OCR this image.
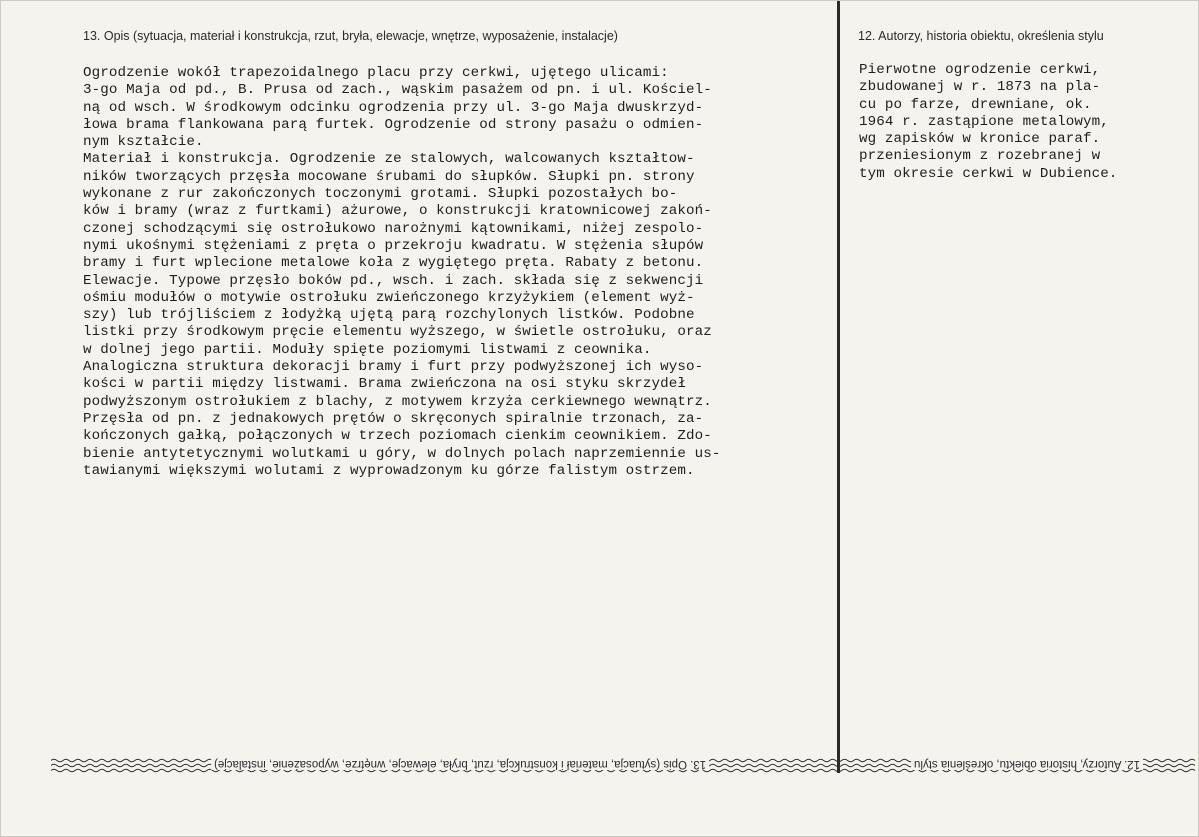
13. Opis (sytuacja, materiał i konstrukcja, rzut, bryła, elewacje, wnętrze, wyposażenie, instalacje)	12. Autorzy, historia obiektu, określenia stylu
Ogrodzenie wokół trapezoidalnego placu przy cerkwi, ujętego ulicami:
3-go Maja od pd., B. Prusa od zach., wąskim pasażem od pn. i ul. Kościel-
ną od wsch. W środkowym odcinku ogrodzenia przy ul. 3-go Maja dwuskrzyd-
łowa brama flankowana parą furtek. Ogrodzenie od strony pasażu o odmien-
nym kształcie.
Materiał i konstrukcja. Ogrodzenie ze stalowych, walcowanych kształtow-
ników tworzących przęsła mocowane śrubami do słupków. Słupki pn. strony
wykonane z rur zakończonych toczonymi grotami. Słupki pozostałych bo-
ków i bramy (wraz z furtkami) ażurowe, o konstrukcji kratownicowej zakoń-
czonej schodzącymi się ostrołukowo narożnymi kątownikami, niżej zespolo-
nymi ukośnymi stężeniami z pręta o przekroju kwadratu. W stężenia słupów
bramy i furt wplecione metalowe koła z wygiętego pręta. Rabaty z betonu.
Elewacje. Typowe przęsło boków pd., wsch. i zach. składa się z sekwencji
ośmiu modułów o motywie ostrołuku zwieńczonego krzyżykiem (element wyż-
szy) lub trójliściem z łodyżką ujętą parą rozchylonych listków. Podobne
listki przy środkowym pręcie elementu wyższego, w świetle ostrołuku, oraz
w dolnej jego partii. Moduły spięte poziomymi listwami z ceownika.
Analogiczna struktura dekoracji bramy i furt przy podwyższonej ich wyso-
kości w partii między listwami. Brama zwieńczona na osi styku skrzydeł
podwyższonym ostrołukiem z blachy, z motywem krzyża cerkiewnego wewnątrz.
Przęsła od pn. z jednakowych prętów o skręconych spiralnie trzonach, za-
kończonych gałką, połączonych w trzech poziomach cienkim ceownikiem. Zdo-
bienie antytetycznymi wolutkami u góry, w dolnych polach naprzemiennie us-
tawianymi większymi wolutami z wyprowadzonym ku górze falistym ostrzem.
Pierwotne ogrodzenie cerkwi,
zbudowanej w r. 1873 na pla-
cu po farze, drewniane, ok.
1964 r. zastąpione metalowym,
wg zapisków w kronice paraf.
przeniesionym z rozebranej w
tym okresie cerkwi w Dubience.
13. Opis (sytuacja, materiał i konstrukcja, rzut, bryła, elewacje, wnętrze, wyposażenie, instalacje)	12. Autorzy, historia obiektu, określenia stylu
